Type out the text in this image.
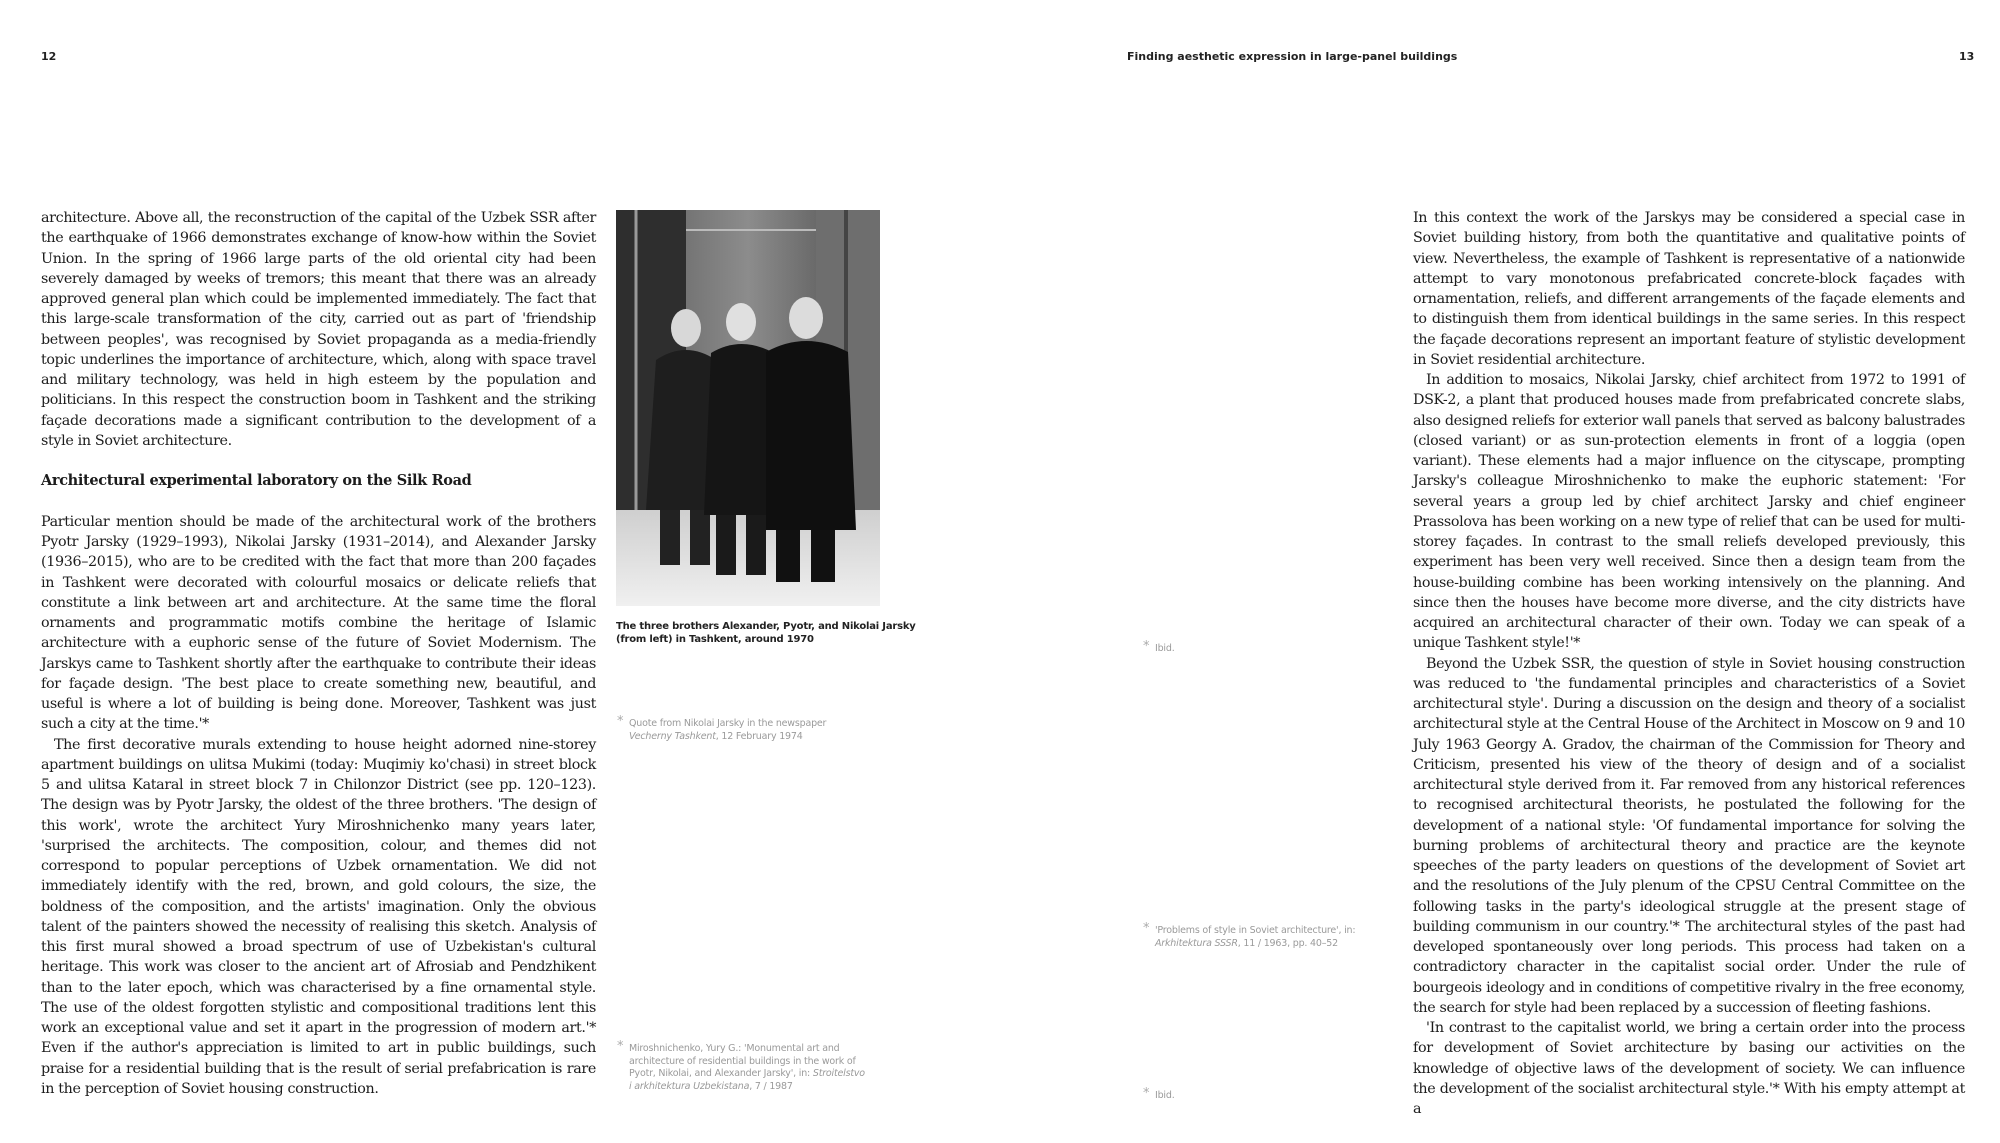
12	Finding aesthetic expression in large-panel buildings	13

architecture. Above all, the reconstruction of the capital of the Uzbek SSR after the earthquake of 1966 demonstrates exchange of know-how within the Soviet Union. In the spring of 1966 large parts of the old oriental city had been severely damaged by weeks of tremors; this meant that there was an already approved general plan which could be implemented immediately. The fact that this large-scale transformation of the city, carried out as part of 'friendship between peoples', was recognised by Soviet propaganda as a media-friendly topic underlines the importance of architecture, which, along with space travel and military technology, was held in high esteem by the population and politicians. In this respect the construction boom in Tashkent and the striking façade decorations made a significant contribution to the development of a style in Soviet architecture.

Architectural experimental laboratory on the Silk Road

Particular mention should be made of the architectural work of the brothers Pyotr Jarsky (1929–1993), Nikolai Jarsky (1931–2014), and Alexander Jarsky (1936–2015), who are to be credited with the fact that more than 200 façades in Tashkent were decorated with colourful mosaics or delicate reliefs that constitute a link between art and architecture. At the same time the floral ornaments and programmatic motifs combine the heritage of Islamic architecture with a euphoric sense of the future of Soviet Modernism. The Jarskys came to Tashkent shortly after the earthquake to contribute their ideas for façade design. 'The best place to create something new, beautiful, and useful is where a lot of building is being done. Moreover, Tashkent was just such a city at the time.'*

The first decorative murals extending to house height adorned nine-storey apartment buildings on ulitsa Mukimi (today: Muqimiy ko'chasi) in street block 5 and ulitsa Kataral in street block 7 in Chilonzor District (see pp. 120–123). The design was by Pyotr Jarsky, the oldest of the three brothers. 'The design of this work', wrote the architect Yury Miroshnichenko many years later, 'surprised the architects. The composition, colour, and themes did not correspond to popular perceptions of Uzbek ornamentation. We did not immediately identify with the red, brown, and gold colours, the size, the boldness of the composition, and the artists' imagination. Only the obvious talent of the painters showed the necessity of realising this sketch. Analysis of this first mural showed a broad spectrum of use of Uzbekistan's cultural heritage. This work was closer to the ancient art of Afrosiab and Pendzhikent than to the later epoch, which was characterised by a fine ornamental style. The use of the oldest forgotten stylistic and compositional traditions lent this work an exceptional value and set it apart in the progression of modern art.'* Even if the author's appreciation is limited to art in public buildings, such praise for a residential building that is the result of serial prefabrication is rare in the perception of Soviet housing construction.

The three brothers Alexander, Pyotr, and Nikolai Jarsky (from left) in Tashkent, around 1970
* Quote from Nikolai Jarsky in the newspaper
Vecherny Tashkent, 12 February 1974
* Miroshnichenko, Yury G.: 'Monumental art and architecture of residential buildings in the work of Pyotr, Nikolai, and Alexander Jarsky', in: Stroitelstvo i arkhitektura Uzbekistana, 7 / 1987
* Ibid.
* 'Problems of style in Soviet architecture', in:
Arkhitektura SSSR, 11 / 1963, pp. 40–52
* Ibid.

In this context the work of the Jarskys may be considered a special case in Soviet building history, from both the quantitative and qualitative points of view. Nevertheless, the example of Tashkent is representative of a nationwide attempt to vary monotonous prefabricated concrete-block façades with ornamentation, reliefs, and different arrangements of the façade elements and to distinguish them from identical buildings in the same series. In this respect the façade decorations represent an important feature of stylistic development in Soviet residential architecture.

In addition to mosaics, Nikolai Jarsky, chief architect from 1972 to 1991 of DSK-2, a plant that produced houses made from prefabricated concrete slabs, also designed reliefs for exterior wall panels that served as balcony balustrades (closed variant) or as sun-protection elements in front of a loggia (open variant). These elements had a major influence on the cityscape, prompting Jarsky's colleague Miroshnichenko to make the euphoric statement: 'For several years a group led by chief architect Jarsky and chief engineer Prassolova has been working on a new type of relief that can be used for multi-storey façades. In contrast to the small reliefs developed previously, this experiment has been very well received. Since then a design team from the house-building combine has been working intensively on the planning. And since then the houses have become more diverse, and the city districts have acquired an architectural character of their own. Today we can speak of a unique Tashkent style!'*

Beyond the Uzbek SSR, the question of style in Soviet housing construction was reduced to 'the fundamental principles and characteristics of a Soviet architectural style'. During a discussion on the design and theory of a socialist architectural style at the Central House of the Architect in Moscow on 9 and 10 July 1963 Georgy A. Gradov, the chairman of the Commission for Theory and Criticism, presented his view of the theory of design and of a socialist architectural style derived from it. Far removed from any historical references to recognised architectural theorists, he postulated the following for the development of a national style: 'Of fundamental importance for solving the burning problems of architectural theory and practice are the keynote speeches of the party leaders on questions of the development of Soviet art and the resolutions of the July plenum of the CPSU Central Committee on the following tasks in the party's ideological struggle at the present stage of building communism in our country.'* The architectural styles of the past had developed spontaneously over long periods. This process had taken on a contradictory character in the capitalist social order. Under the rule of bourgeois ideology and in conditions of competitive rivalry in the free economy, the search for style had been replaced by a succession of fleeting fashions.

'In contrast to the capitalist world, we bring a certain order into the process for development of Soviet architecture by basing our activities on the knowledge of objective laws of the development of society. We can influence the development of the socialist architectural style.'* With his empty attempt at a
